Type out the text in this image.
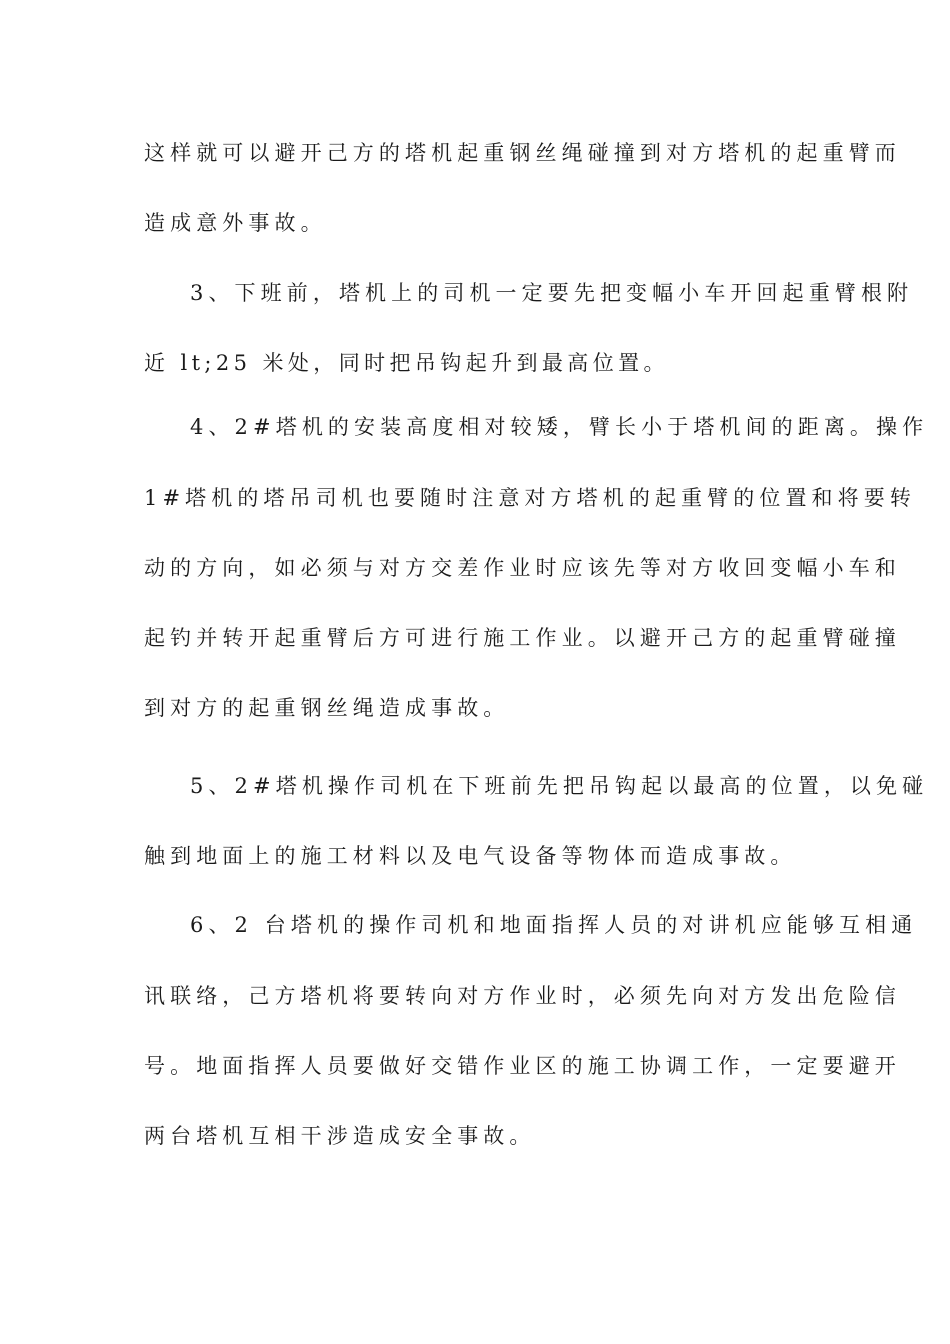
这样就可以避开己方的塔机起重钢丝绳碰撞到对方塔机的起重臂而
造成意外事故。
3、下班前，塔机上的司机一定要先把变幅小车开回起重臂根附
近 lt;25 米处，同时把吊钩起升到最高位置。
4、2#塔机的安装高度相对较矮，臂长小于塔机间的距离。操作
1#塔机的塔吊司机也要随时注意对方塔机的起重臂的位置和将要转
动的方向，如必须与对方交差作业时应该先等对方收回变幅小车和
起钓并转开起重臂后方可进行施工作业。以避开己方的起重臂碰撞
到对方的起重钢丝绳造成事故。
5、2#塔机操作司机在下班前先把吊钩起以最高的位置，以免碰
触到地面上的施工材料以及电气设备等物体而造成事故。
6、2 台塔机的操作司机和地面指挥人员的对讲机应能够互相通
讯联络，己方塔机将要转向对方作业时，必须先向对方发出危险信
号。地面指挥人员要做好交错作业区的施工协调工作，一定要避开
两台塔机互相干涉造成安全事故。
